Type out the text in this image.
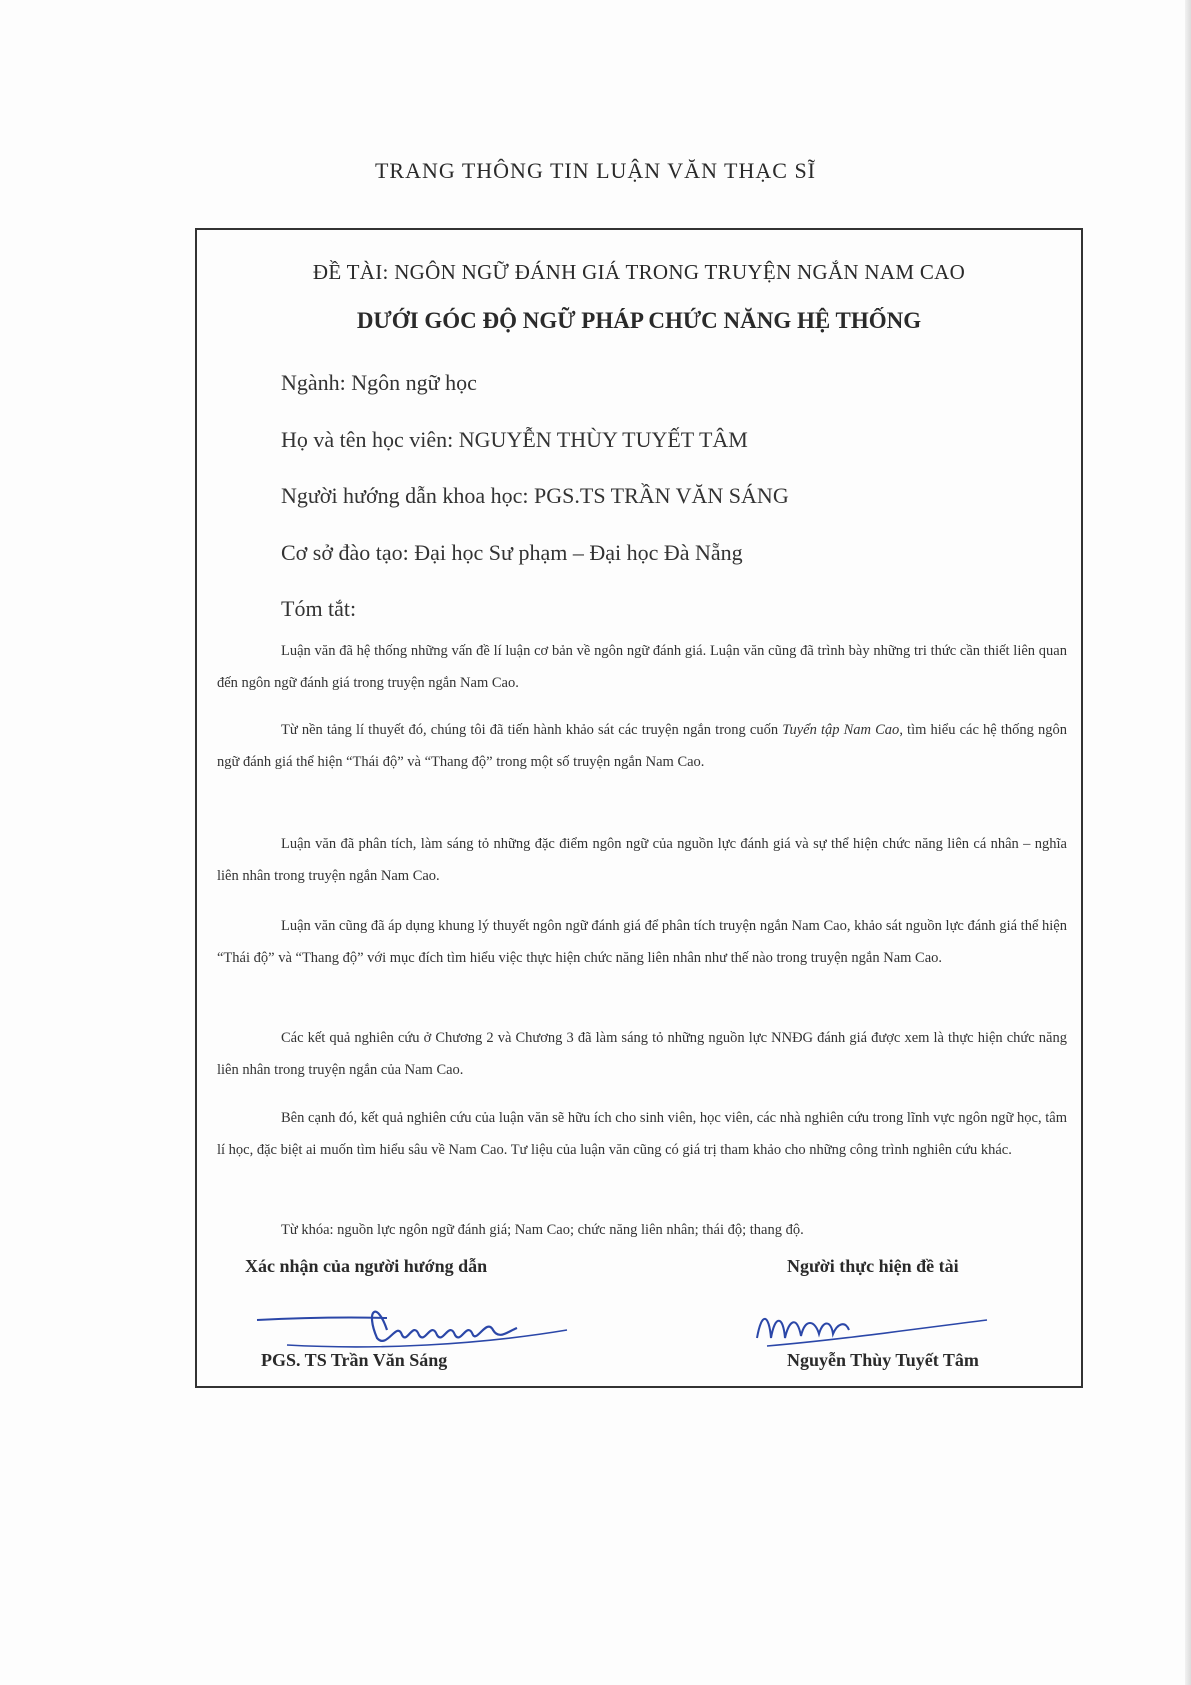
TRANG THÔNG TIN LUẬN VĂN THẠC SĨ
ĐỀ TÀI: NGÔN NGỮ ĐÁNH GIÁ TRONG TRUYỆN NGẮN NAM CAO
DƯỚI GÓC ĐỘ NGỮ PHÁP CHỨC NĂNG HỆ THỐNG
Ngành: Ngôn ngữ học
Họ và tên học viên: NGUYỄN THÙY TUYẾT TÂM
Người hướng dẫn khoa học: PGS.TS TRẦN VĂN SÁNG
Cơ sở đào tạo: Đại học Sư phạm – Đại học Đà Nẵng
Tóm tắt:
Luận văn đã hệ thống những vấn đề lí luận cơ bản về ngôn ngữ đánh giá. Luận văn cũng đã trình bày những tri thức cần thiết liên quan đến ngôn ngữ đánh giá trong truyện ngắn Nam Cao.
Từ nền tảng lí thuyết đó, chúng tôi đã tiến hành khảo sát các truyện ngắn trong cuốn Tuyển tập Nam Cao, tìm hiểu các hệ thống ngôn ngữ đánh giá thể hiện “Thái độ” và “Thang độ” trong một số truyện ngắn Nam Cao.
Luận văn đã phân tích, làm sáng tỏ những đặc điểm ngôn ngữ của nguồn lực đánh giá và sự thể hiện chức năng liên cá nhân – nghĩa liên nhân trong truyện ngắn Nam Cao.
Luận văn cũng đã áp dụng khung lý thuyết ngôn ngữ đánh giá để phân tích truyện ngắn Nam Cao, khảo sát nguồn lực đánh giá thể hiện “Thái độ” và “Thang độ” với mục đích tìm hiểu việc thực hiện chức năng liên nhân như thế nào trong truyện ngắn Nam Cao.
Các kết quả nghiên cứu ở Chương 2 và Chương 3 đã làm sáng tỏ những nguồn lực NNĐG đánh giá được xem là thực hiện chức năng liên nhân trong truyện ngắn của Nam Cao.
Bên cạnh đó, kết quả nghiên cứu của luận văn sẽ hữu ích cho sinh viên, học viên, các nhà nghiên cứu trong lĩnh vực ngôn ngữ học, tâm lí học, đặc biệt ai muốn tìm hiểu sâu về Nam Cao. Tư liệu của luận văn cũng có giá trị tham khảo cho những công trình nghiên cứu khác.
Từ khóa: nguồn lực ngôn ngữ đánh giá; Nam Cao; chức năng liên nhân; thái độ; thang độ.
Xác nhận của người hướng dẫn	Người thực hiện đề tài
PGS. TS Trần Văn Sáng	Nguyễn Thùy Tuyết Tâm
